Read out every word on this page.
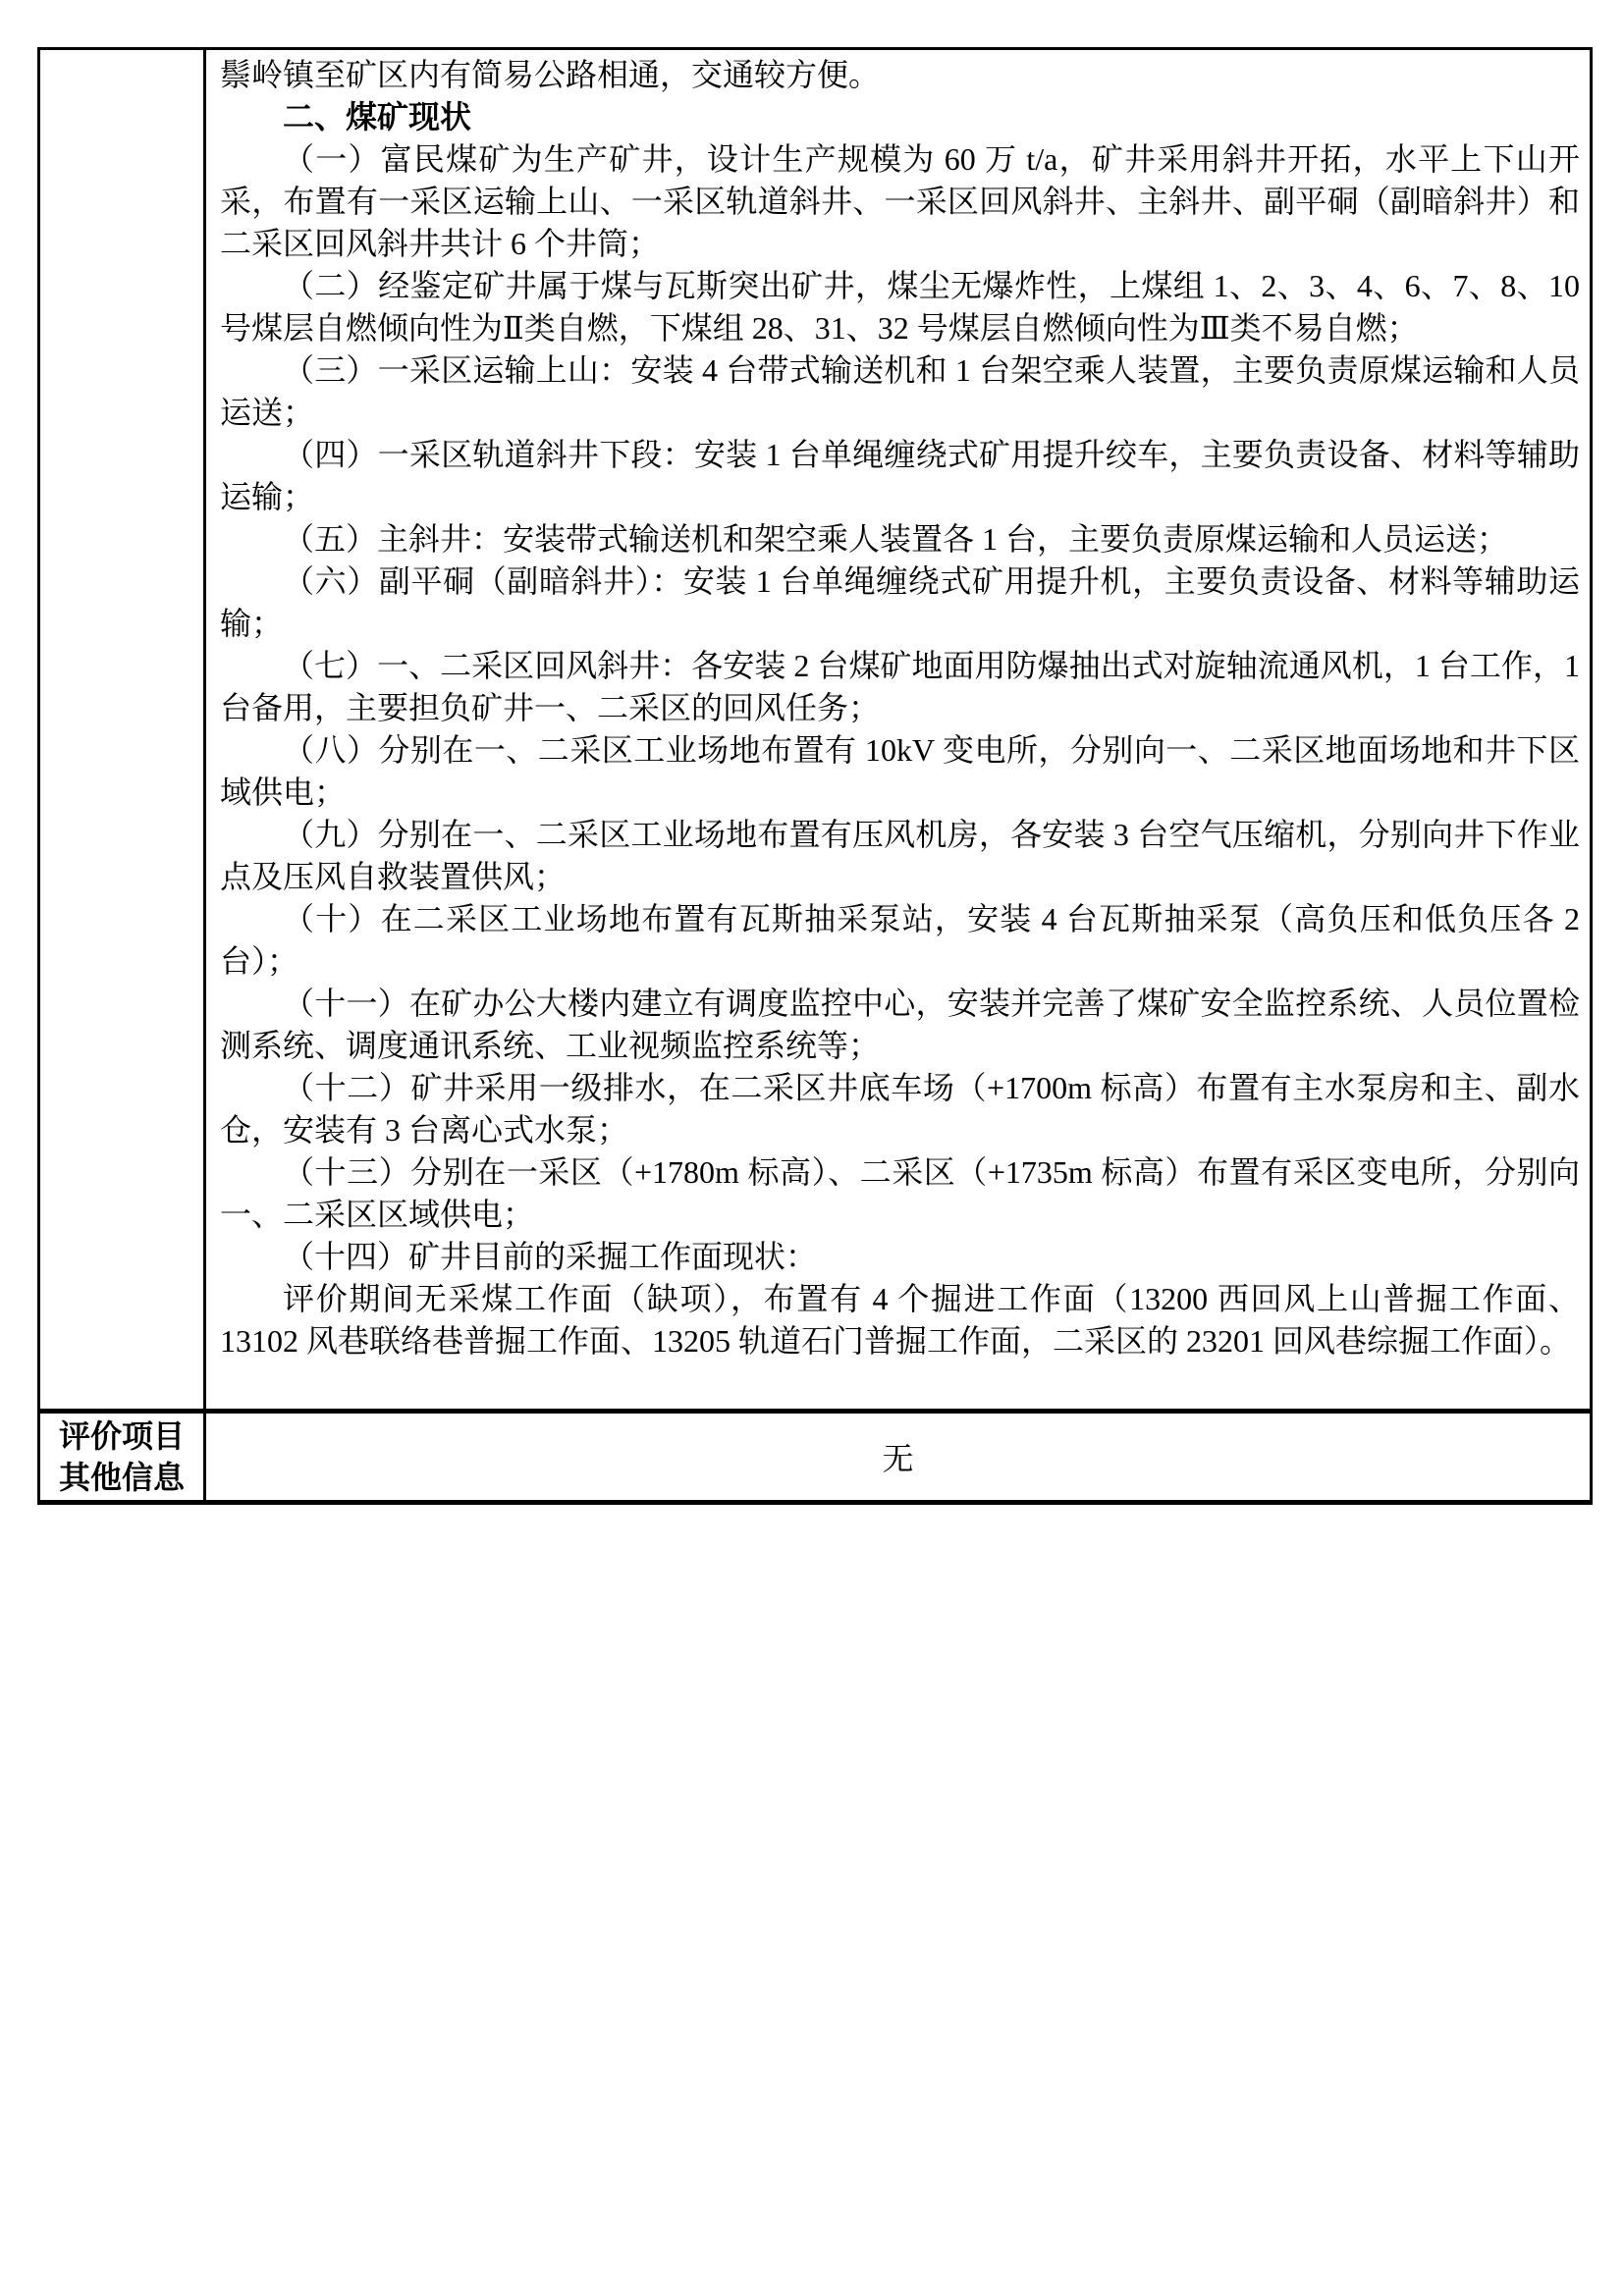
鬃岭镇至矿区内有简易公路相通，交通较方便。

二、煤矿现状

（一）富民煤矿为生产矿井，设计生产规模为 60 万 t/a，矿井采用斜井开拓，水平上下山开采，布置有一采区运输上山、一采区轨道斜井、一采区回风斜井、主斜井、副平硐（副暗斜井）和二采区回风斜井共计 6 个井筒；

（二）经鉴定矿井属于煤与瓦斯突出矿井，煤尘无爆炸性，上煤组 1、2、3、4、6、7、8、10 号煤层自燃倾向性为Ⅱ类自燃，下煤组 28、31、32 号煤层自燃倾向性为Ⅲ类不易自燃；

（三）一采区运输上山：安装 4 台带式输送机和 1 台架空乘人装置，主要负责原煤运输和人员运送；

（四）一采区轨道斜井下段：安装 1 台单绳缠绕式矿用提升绞车，主要负责设备、材料等辅助运输；

（五）主斜井：安装带式输送机和架空乘人装置各 1 台，主要负责原煤运输和人员运送；

（六）副平硐（副暗斜井）：安装 1 台单绳缠绕式矿用提升机，主要负责设备、材料等辅助运输；

（七）一、二采区回风斜井：各安装 2 台煤矿地面用防爆抽出式对旋轴流通风机，1 台工作，1 台备用，主要担负矿井一、二采区的回风任务；

（八）分别在一、二采区工业场地布置有 10kV 变电所，分别向一、二采区地面场地和井下区域供电；

（九）分别在一、二采区工业场地布置有压风机房，各安装 3 台空气压缩机，分别向井下作业点及压风自救装置供风；

（十）在二采区工业场地布置有瓦斯抽采泵站，安装 4 台瓦斯抽采泵（高负压和低负压各 2 台）；

（十一）在矿办公大楼内建立有调度监控中心，安装并完善了煤矿安全监控系统、人员位置检测系统、调度通讯系统、工业视频监控系统等；

（十二）矿井采用一级排水，在二采区井底车场（+1700m 标高）布置有主水泵房和主、副水仓，安装有 3 台离心式水泵；

（十三）分别在一采区（+1780m 标高）、二采区（+1735m 标高）布置有采区变电所，分别向一、二采区区域供电；

（十四）矿井目前的采掘工作面现状：

评价期间无采煤工作面（缺项），布置有 4 个掘进工作面（13200 西回风上山普掘工作面、13102 风巷联络巷普掘工作面、13205 轨道石门普掘工作面，二采区的 23201 回风巷综掘工作面）。

评价项目
其他信息
无
